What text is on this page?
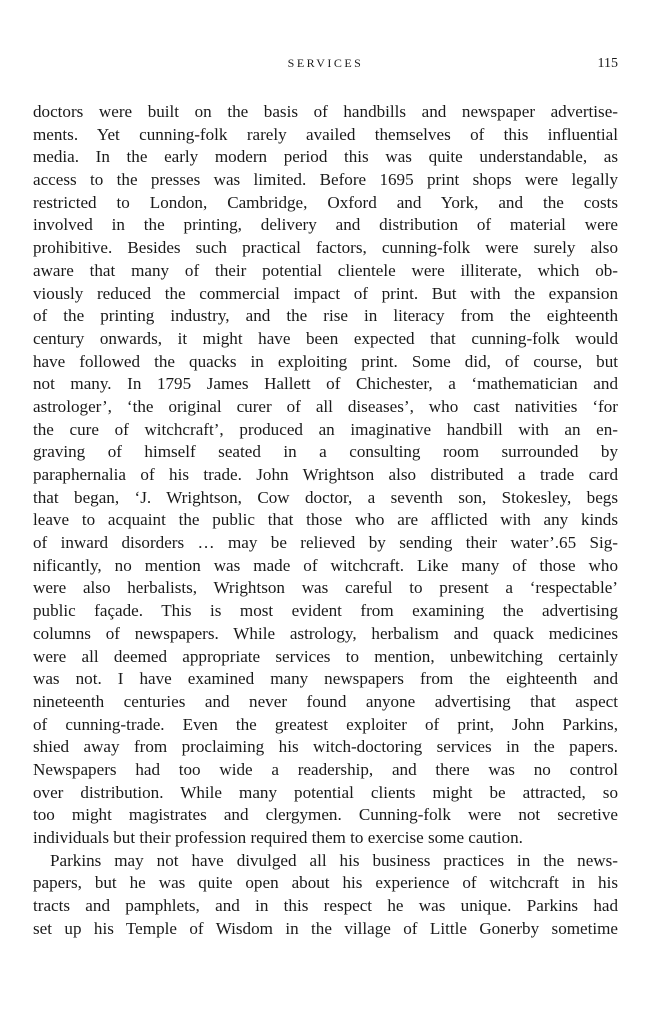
SERVICES	115
doctors were built on the basis of handbills and newspaper advertise-
ments. Yet cunning-folk rarely availed themselves of this influential
media. In the early modern period this was quite understandable, as
access to the presses was limited. Before 1695 print shops were legally
restricted to London, Cambridge, Oxford and York, and the costs
involved in the printing, delivery and distribution of material were
prohibitive. Besides such practical factors, cunning-folk were surely also
aware that many of their potential clientele were illiterate, which ob-
viously reduced the commercial impact of print. But with the expansion
of the printing industry, and the rise in literacy from the eighteenth
century onwards, it might have been expected that cunning-folk would
have followed the quacks in exploiting print. Some did, of course, but
not many. In 1795 James Hallett of Chichester, a ‘mathematician and
astrologer’, ‘the original curer of all diseases’, who cast nativities ‘for
the cure of witchcraft’, produced an imaginative handbill with an en-
graving of himself seated in a consulting room surrounded by
paraphernalia of his trade. John Wrightson also distributed a trade card
that began, ‘J. Wrightson, Cow doctor, a seventh son, Stokesley, begs
leave to acquaint the public that those who are afflicted with any kinds
of inward disorders … may be relieved by sending their water’.65 Sig-
nificantly, no mention was made of witchcraft. Like many of those who
were also herbalists, Wrightson was careful to present a ‘respectable’
public façade. This is most evident from examining the advertising
columns of newspapers. While astrology, herbalism and quack medicines
were all deemed appropriate services to mention, unbewitching certainly
was not. I have examined many newspapers from the eighteenth and
nineteenth centuries and never found anyone advertising that aspect
of cunning-trade. Even the greatest exploiter of print, John Parkins,
shied away from proclaiming his witch-doctoring services in the papers.
Newspapers had too wide a readership, and there was no control
over distribution. While many potential clients might be attracted, so
too might magistrates and clergymen. Cunning-folk were not secretive
individuals but their profession required them to exercise some caution.
Parkins may not have divulged all his business practices in the news-
papers, but he was quite open about his experience of witchcraft in his
tracts and pamphlets, and in this respect he was unique. Parkins had
set up his Temple of Wisdom in the village of Little Gonerby sometime
